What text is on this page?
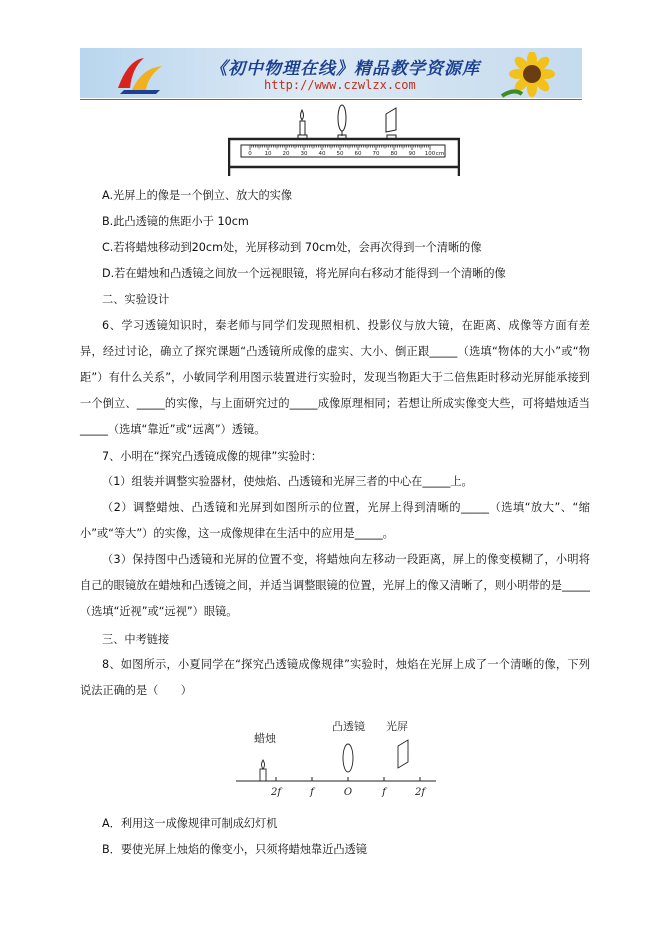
《初中物理在线》精品教学资源库
http://www.czwlzx.com
0 10 20 30 40 50 60 70 80 90 100 cm
A.光屏上的像是一个倒立、放大的实像
B.此凸透镜的焦距小于 10cm
C.若将蜡烛移动到20cm处，光屏移动到 70cm处，会再次得到一个清晰的像
D.若在蜡烛和凸透镜之间放一个远视眼镜，将光屏向右移动才能得到一个清晰的像
二、实验设计
6、学习透镜知识时，秦老师与同学们发现照相机、投影仪与放大镜，在距离、成像等方面有差异，经过讨论，确立了探究课题“凸透镜所成像的虚实、大小、倒正跟_____（选填“物体的大小”或“物距”）有什么关系”，小敏同学利用图示装置进行实验时，发现当物距大于二倍焦距时移动光屏能承接到一个倒立、_____的实像，与上面研究过的_____成像原理相同；若想让所成实像变大些，可将蜡烛适当_____（选填“靠近”或“远离”）透镜。
7、小明在“探究凸透镜成像的规律”实验时：
（1）组装并调整实验器材，使烛焰、凸透镜和光屏三者的中心在_____上。
（2）调整蜡烛、凸透镜和光屏到如图所示的位置，光屏上得到清晰的_____（选填“放大”、“缩小”或“等大”）的实像，这一成像规律在生活中的应用是_____。
（3）保持图中凸透镜和光屏的位置不变，将蜡烛向左移动一段距离，屏上的像变模糊了，小明将自己的眼镜放在蜡烛和凸透镜之间，并适当调整眼镜的位置，光屏上的像又清晰了，则小明带的是_____（选填“近视”或“远视”）眼镜。
三、中考链接
8、如图所示，小夏同学在“探究凸透镜成像规律”实验时，烛焰在光屏上成了一个清晰的像，下列说法正确的是（　　）
蜡烛
凸透镜 光屏
2f	f	O	f	2f
A．利用这一成像规律可制成幻灯机
B．要使光屏上烛焰的像变小，只须将蜡烛靠近凸透镜
